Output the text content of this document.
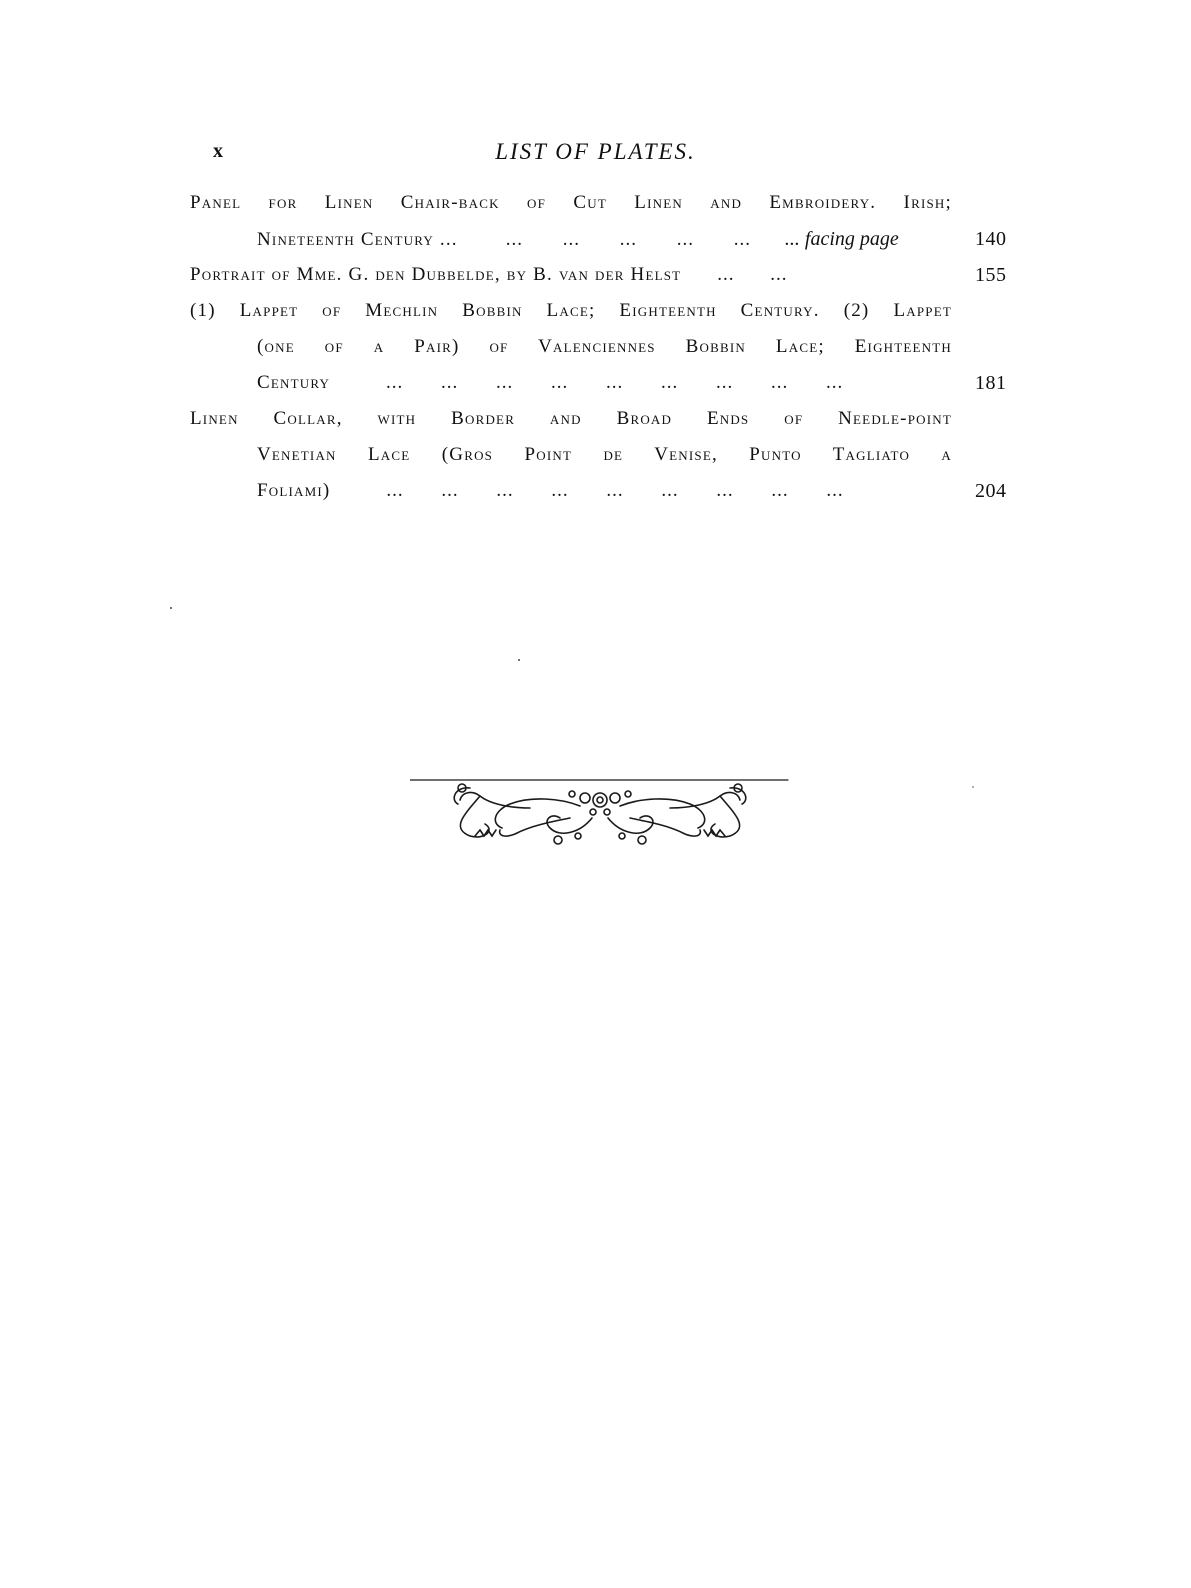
x	LIST OF PLATES.
Panel for Linen Chair-back of Cut Linen and Embroidery. Irish;
Nineteenth Century ...	... ... ... ... ... ... facing page	140
Portrait of Mme. G. den Dubbelde, by B. van der Helst ... ...	155
(1) Lappet of Mechlin Bobbin Lace; Eighteenth Century. (2) Lappet
(one of a Pair) of Valenciennes Bobbin Lace; Eighteenth
Century	... ... ... ... ... ... ... ... ...	181
Linen Collar, with Border and Broad Ends of Needle-point
Venetian Lace (Gros Point de Venise, Punto Tagliato a
Foliami)	... ... ... ... ... ... ... ... ...	204
